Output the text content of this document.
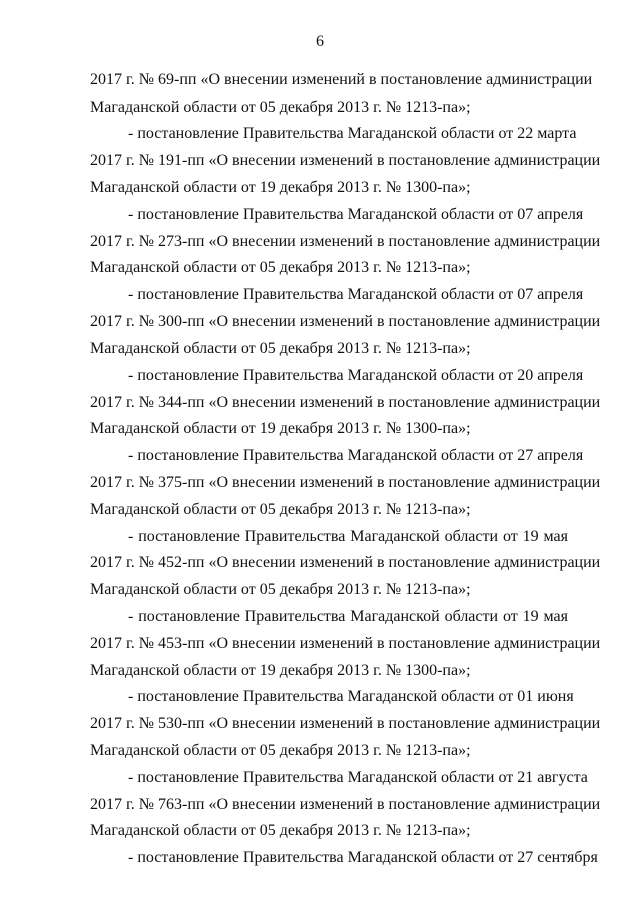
6
2017 г. № 69-пп «О внесении изменений в постановление администрации
Магаданской области от 05 декабря 2013 г. № 1213-па»;
- постановление Правительства Магаданской области от 22 марта
2017 г. № 191-пп «О внесении изменений в постановление администрации
Магаданской области от 19 декабря 2013 г. № 1300-па»;
- постановление Правительства Магаданской области от 07 апреля
2017 г. № 273-пп «О внесении изменений в постановление администрации
Магаданской области от 05 декабря 2013 г. № 1213-па»;
- постановление Правительства Магаданской области от 07 апреля
2017 г. № 300-пп «О внесении изменений в постановление администрации
Магаданской области от 05 декабря 2013 г. № 1213-па»;
- постановление Правительства Магаданской области от 20 апреля
2017 г. № 344-пп «О внесении изменений в постановление администрации
Магаданской области от 19 декабря 2013 г. № 1300-па»;
- постановление Правительства Магаданской области от 27 апреля
2017 г. № 375-пп «О внесении изменений в постановление администрации
Магаданской области от 05 декабря 2013 г. № 1213-па»;
- постановление Правительства Магаданской области от 19 мая
2017 г. № 452-пп «О внесении изменений в постановление администрации
Магаданской области от 05 декабря 2013 г. № 1213-па»;
- постановление Правительства Магаданской области от 19 мая
2017 г. № 453-пп «О внесении изменений в постановление администрации
Магаданской области от 19 декабря 2013 г. № 1300-па»;
- постановление Правительства Магаданской области от 01 июня
2017 г. № 530-пп «О внесении изменений в постановление администрации
Магаданской области от 05 декабря 2013 г. № 1213-па»;
- постановление Правительства Магаданской области от 21 августа
2017 г. № 763-пп «О внесении изменений в постановление администрации
Магаданской области от 05 декабря 2013 г. № 1213-па»;
- постановление Правительства Магаданской области от 27 сентября
